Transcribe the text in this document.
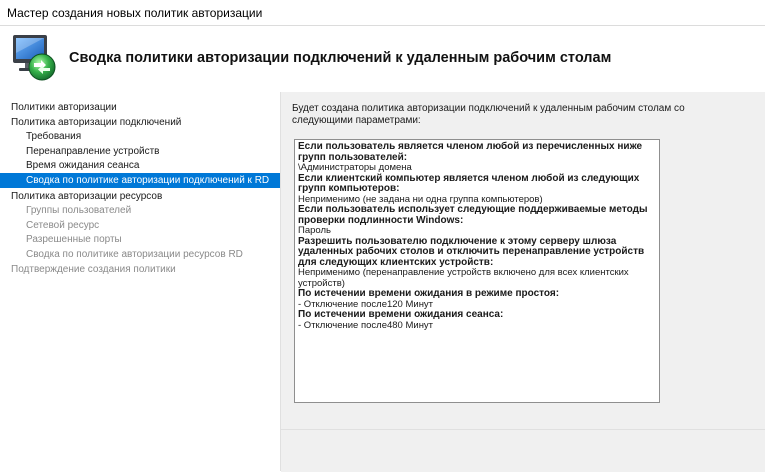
Мастер создания новых политик авторизации
Сводка политики авторизации подключений к удаленным рабочим столам
Политики авторизации
Политика авторизации подключений
Требования
Перенаправление устройств
Время ожидания сеанса
Сводка по политике авторизации подключений к RD
Политика авторизации ресурсов
Группы пользователей
Сетевой ресурс
Разрешенные порты
Сводка по политике авторизации ресурсов RD
Подтверждение создания политики
Будет создана политика авторизации подключений к удаленным рабочим столам со следующими параметрами:

Если пользователь является членом любой из перечисленных ниже групп пользователей:

\Администраторы домена

Если клиентский компьютер является членом любой из следующих групп компьютеров:

Неприменимо (не задана ни одна группа компьютеров)

Если пользователь использует следующие поддерживаемые методы проверки подлинности Windows:

Пароль

Разрешить пользователю подключение к этому серверу шлюза удаленных рабочих столов и отключить перенаправление устройств для следующих клиентских устройств:

Неприменимо (перенаправление устройств включено для всех клиентских устройств)

По истечении времени ожидания в режиме простоя:

- Отключение после120 Минут

По истечении времени ожидания сеанса:

- Отключение после480 Минут
